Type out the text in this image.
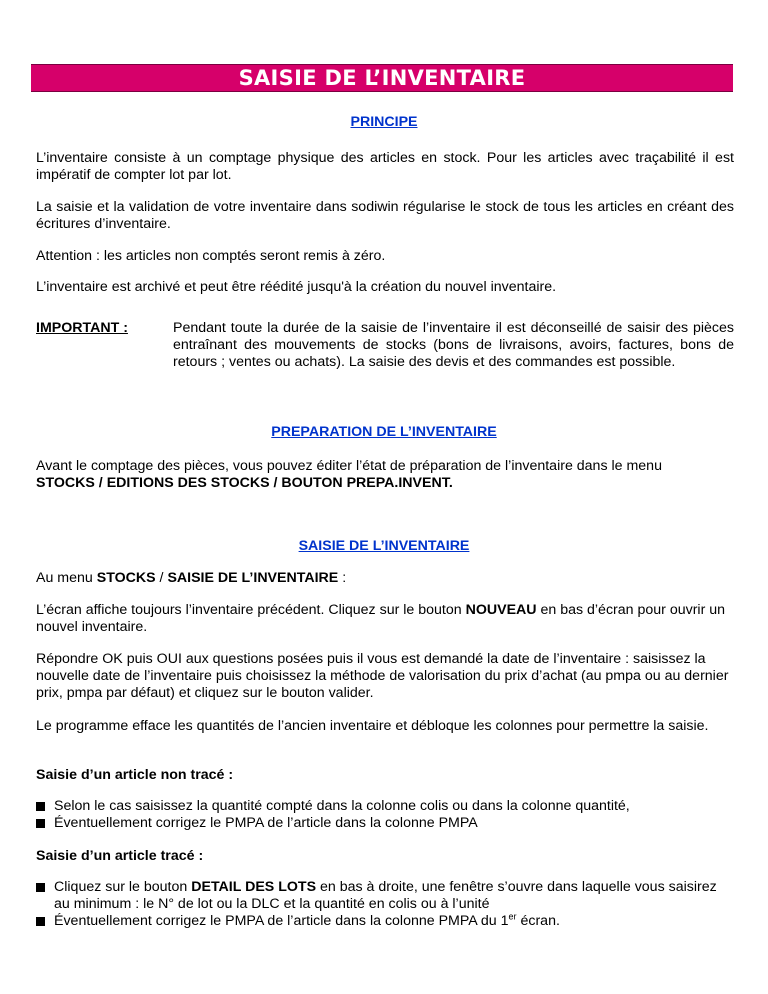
SAISIE DE L’INVENTAIRE
PRINCIPE
L’inventaire consiste à un comptage physique des articles en stock. Pour les articles avec traçabilité il est impératif de compter lot par lot.
La saisie et la validation de votre inventaire dans sodiwin régularise le stock de tous les articles en créant des écritures d’inventaire.
Attention : les articles non comptés seront remis à zéro.
L’inventaire est archivé et peut être réédité jusqu'à la création du nouvel inventaire.
IMPORTANT :	Pendant toute la durée de la saisie de l’inventaire il est déconseillé de saisir des pièces entraînant des mouvements de stocks (bons de livraisons, avoirs, factures, bons de retours ; ventes ou achats). La saisie des devis et des commandes est possible.
PREPARATION DE L’INVENTAIRE
Avant le comptage des pièces, vous pouvez éditer l’état de préparation de l’inventaire dans le menu
STOCKS / EDITIONS DES STOCKS / BOUTON PREPA.INVENT.
SAISIE DE L’INVENTAIRE
Au menu STOCKS / SAISIE DE L’INVENTAIRE :
L’écran affiche toujours l’inventaire précédent. Cliquez sur le bouton NOUVEAU en bas d’écran pour ouvrir un nouvel inventaire.
Répondre OK puis OUI aux questions posées puis il vous est demandé la date de l’inventaire : saisissez la nouvelle date de l’inventaire puis choisissez la méthode de valorisation du prix d’achat (au pmpa ou au dernier prix, pmpa par défaut) et cliquez sur le bouton valider.
Le programme efface les quantités de l’ancien inventaire et débloque les colonnes pour permettre la saisie.
Saisie d’un article non tracé :
Selon le cas saisissez la quantité compté dans la colonne colis ou dans la colonne quantité,
Éventuellement corrigez le PMPA de l’article dans la colonne PMPA
Saisie d’un article tracé :
Cliquez sur le bouton DETAIL DES LOTS en bas à droite, une fenêtre s’ouvre dans laquelle vous saisirez au minimum : le N° de lot ou la DLC et la quantité en colis ou à l’unité
Éventuellement corrigez le PMPA de l’article dans la colonne PMPA du 1er écran.
